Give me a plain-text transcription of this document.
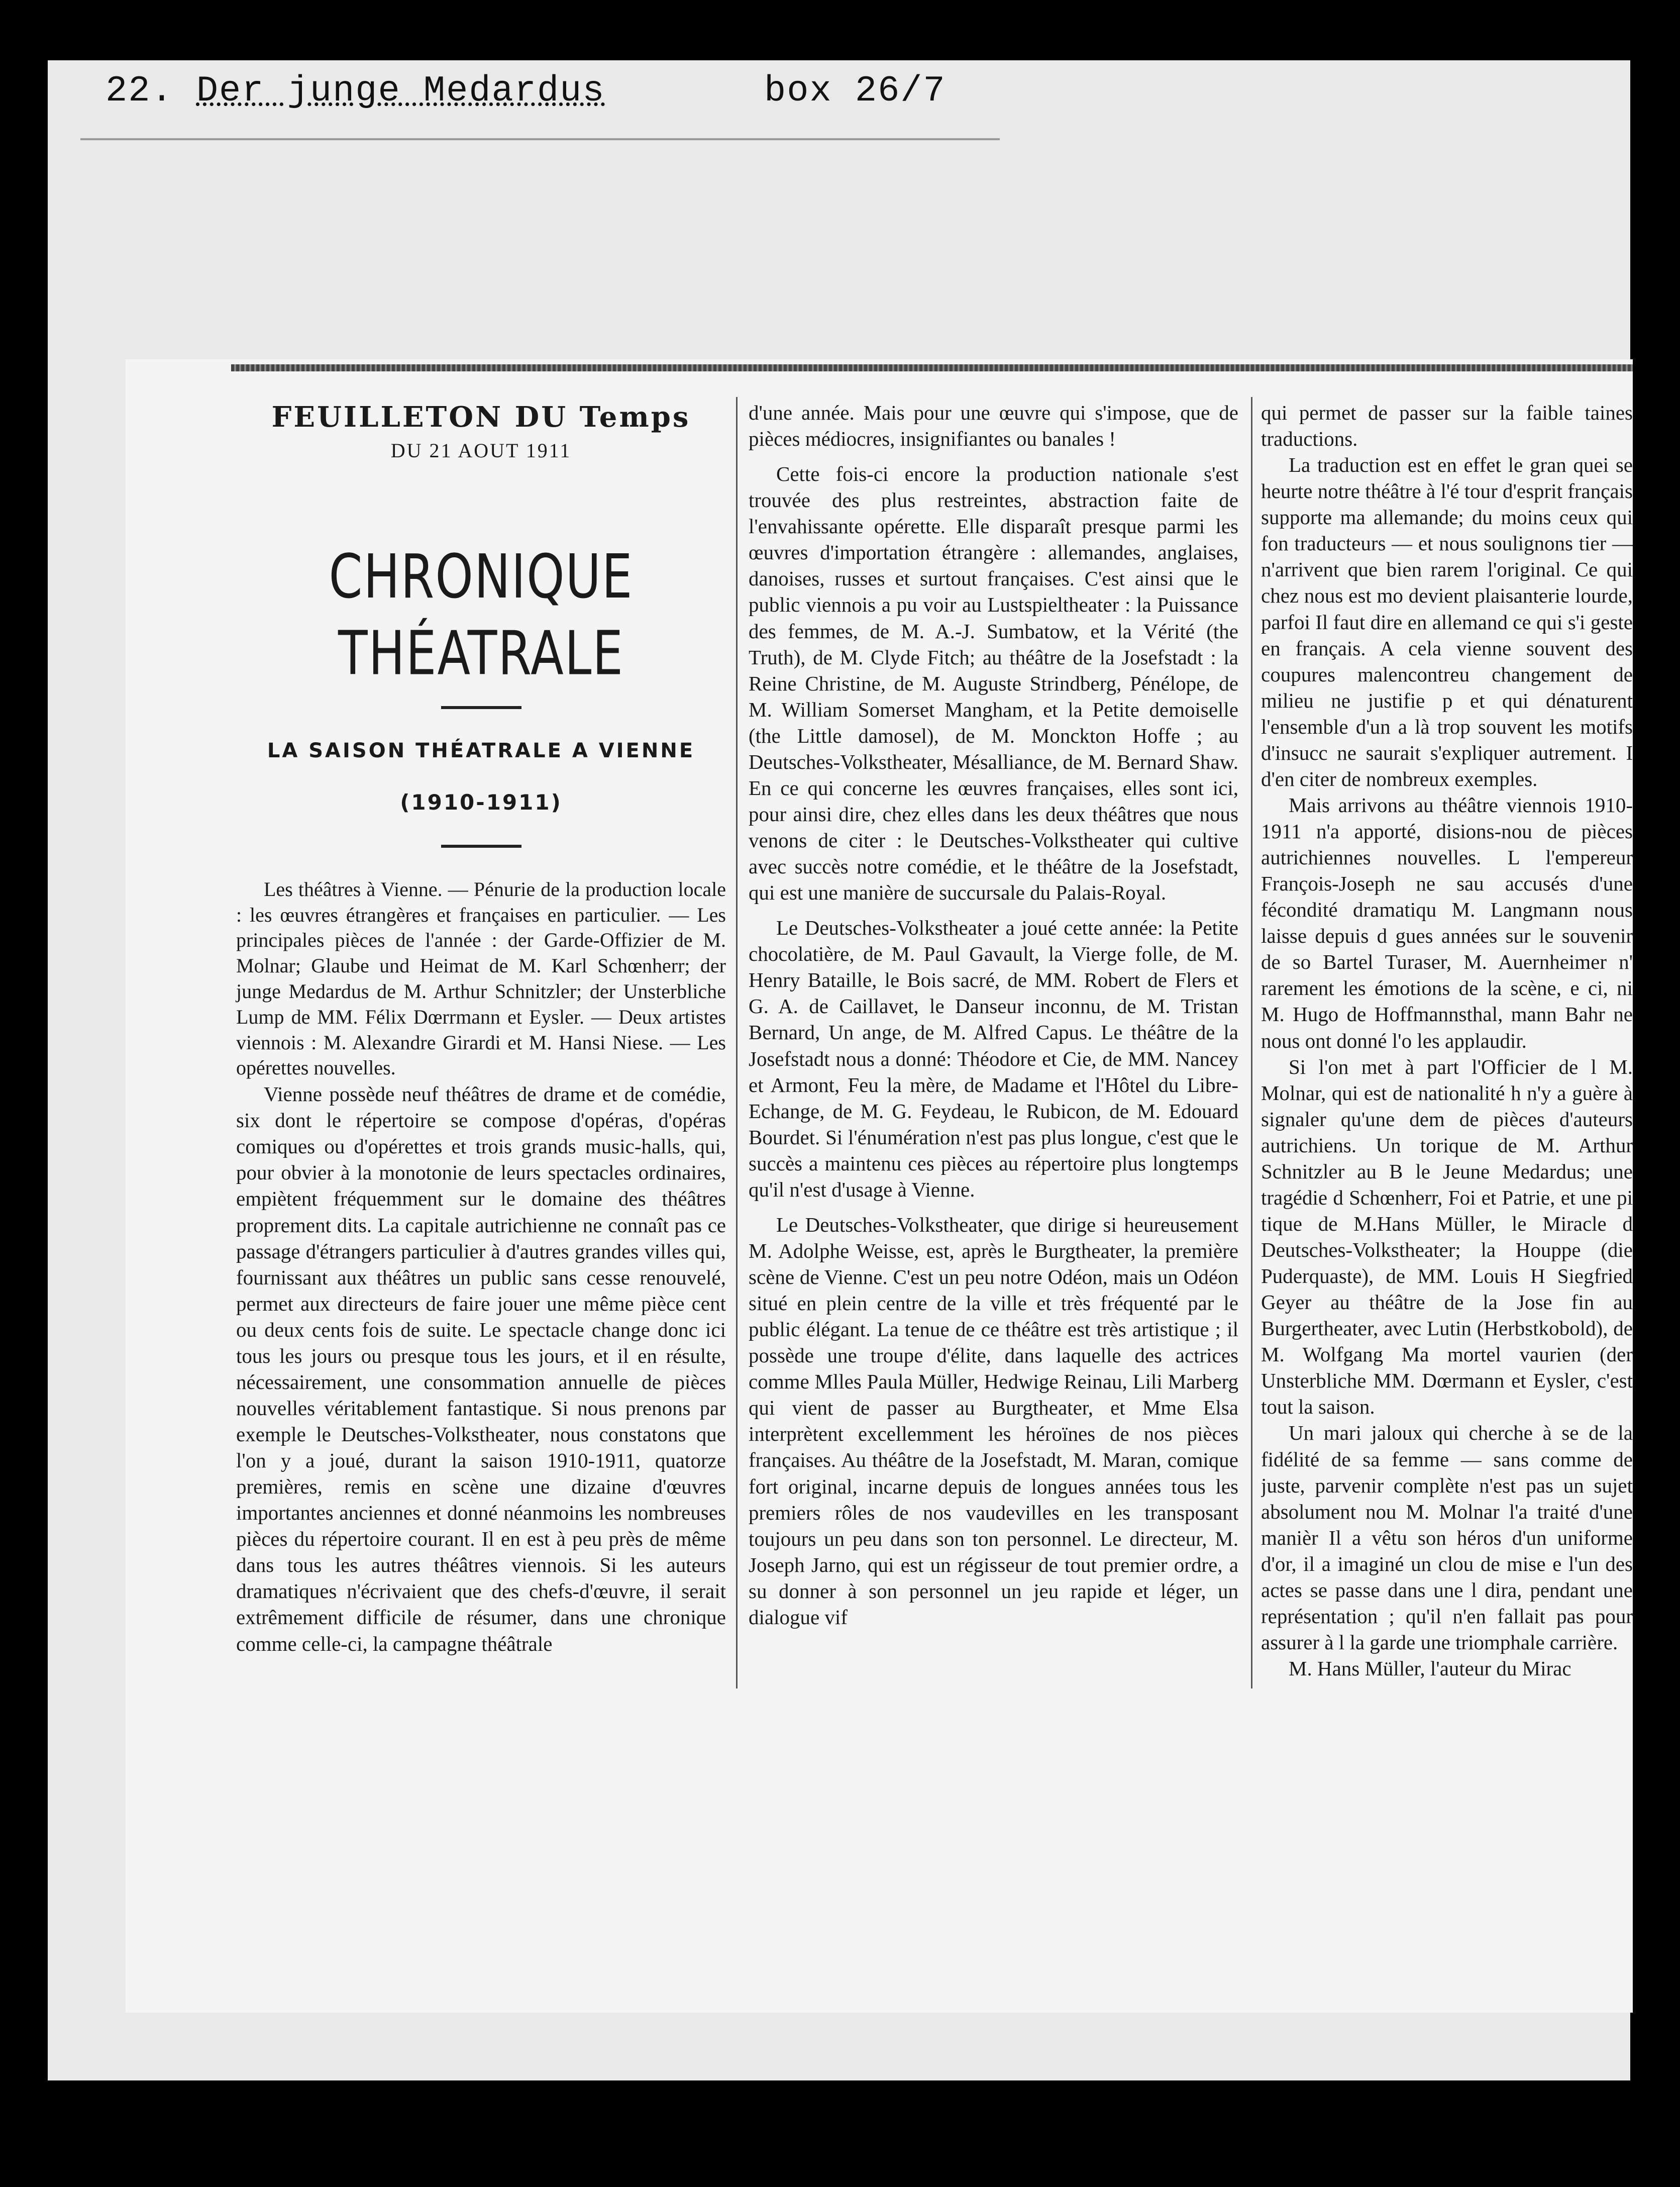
22. Der junge Medardus	box 26/7
FEUILLETON DU Temps
DU 21 AOUT 1911
CHRONIQUE THÉATRALE
LA SAISON THÉATRALE A VIENNE
(1910-1911)

Les théâtres à Vienne. — Pénurie de la production locale : les œuvres étrangères et françaises en particulier. — Les principales pièces de l'année : der Garde-Offizier de M. Molnar; Glaube und Heimat de M. Karl Schœnherr; der junge Medardus de M. Arthur Schnitzler; der Unsterbliche Lump de MM. Félix Dœrrmann et Eysler. — Deux artistes viennois : M. Alexandre Girardi et M. Hansi Niese. — Les opérettes nouvelles.

Vienne possède neuf théâtres de drame et de comédie, six dont le répertoire se compose d'opéras, d'opéras comiques ou d'opérettes et trois grands music-halls, qui, pour obvier à la monotonie de leurs spectacles ordinaires, empiètent fréquemment sur le domaine des théâtres proprement dits. La capitale autrichienne ne connaît pas ce passage d'étrangers particulier à d'autres grandes villes qui, fournissant aux théâtres un public sans cesse renouvelé, permet aux directeurs de faire jouer une même pièce cent ou deux cents fois de suite. Le spectacle change donc ici tous les jours ou presque tous les jours, et il en résulte, nécessairement, une consommation annuelle de pièces nouvelles véritablement fantastique. Si nous prenons par exemple le Deutsches-Volkstheater, nous constatons que l'on y a joué, durant la saison 1910-1911, quatorze premières, remis en scène une dizaine d'œuvres importantes anciennes et donné néanmoins les nombreuses pièces du répertoire courant. Il en est à peu près de même dans tous les autres théâtres viennois. Si les auteurs dramatiques n'écrivaient que des chefs-d'œuvre, il serait extrêmement difficile de résumer, dans une chronique comme celle-ci, la campagne théâtrale

d'une année. Mais pour une œuvre qui s'impose, que de pièces médiocres, insignifiantes ou banales !

Cette fois-ci encore la production nationale s'est trouvée des plus restreintes, abstraction faite de l'envahissante opérette. Elle disparaît presque parmi les œuvres d'importation étrangère : allemandes, anglaises, danoises, russes et surtout françaises. C'est ainsi que le public viennois a pu voir au Lustspieltheater : la Puissance des femmes, de M. A.-J. Sumbatow, et la Vérité (the Truth), de M. Clyde Fitch; au théâtre de la Josefstadt : la Reine Christine, de M. Auguste Strindberg, Pénélope, de M. William Somerset Mangham, et la Petite demoiselle (the Little damosel), de M. Monckton Hoffe ; au Deutsches-Volkstheater, Mésalliance, de M. Bernard Shaw. En ce qui concerne les œuvres françaises, elles sont ici, pour ainsi dire, chez elles dans les deux théâtres que nous venons de citer : le Deutsches-Volkstheater qui cultive avec succès notre comédie, et le théâtre de la Josefstadt, qui est une manière de succursale du Palais-Royal.

Le Deutsches-Volkstheater a joué cette année: la Petite chocolatière, de M. Paul Gavault, la Vierge folle, de M. Henry Bataille, le Bois sacré, de MM. Robert de Flers et G. A. de Caillavet, le Danseur inconnu, de M. Tristan Bernard, Un ange, de M. Alfred Capus. Le théâtre de la Josefstadt nous a donné: Théodore et Cie, de MM. Nancey et Armont, Feu la mère, de Madame et l'Hôtel du Libre-Echange, de M. G. Feydeau, le Rubicon, de M. Edouard Bourdet. Si l'énumération n'est pas plus longue, c'est que le succès a maintenu ces pièces au répertoire plus longtemps qu'il n'est d'usage à Vienne.

Le Deutsches-Volkstheater, que dirige si heureusement M. Adolphe Weisse, est, après le Burgtheater, la première scène de Vienne. C'est un peu notre Odéon, mais un Odéon situé en plein centre de la ville et très fréquenté par le public élégant. La tenue de ce théâtre est très artistique ; il possède une troupe d'élite, dans laquelle des actrices comme Mlles Paula Müller, Hedwige Reinau, Lili Marberg qui vient de passer au Burgtheater, et Mme Elsa interprètent excellemment les héroïnes de nos pièces françaises. Au théâtre de la Josefstadt, M. Maran, comique fort original, incarne depuis de longues années tous les premiers rôles de nos vaudevilles en les transposant toujours un peu dans son ton personnel. Le directeur, M. Joseph Jarno, qui est un régisseur de tout premier ordre, a su donner à son personnel un jeu rapide et léger, un dialogue vif

qui permet de passer sur la faible taines traductions.

La traduction est en effet le gran quei se heurte notre théâtre à l'é tour d'esprit français supporte ma allemande; du moins ceux qui fon traducteurs — et nous soulignons tier — n'arrivent que bien rarem l'original. Ce qui chez nous est mo devient plaisanterie lourde, parfoi Il faut dire en allemand ce qui s'i geste en français. A cela vienne souvent des coupures malencontreu changement de milieu ne justifie p et qui dénaturent l'ensemble d'un a là trop souvent les motifs d'insucc ne saurait s'expliquer autrement. I d'en citer de nombreux exemples.

Mais arrivons au théâtre viennois 1910-1911 n'a apporté, disions-nou de pièces autrichiennes nouvelles. L l'empereur François-Joseph ne sau accusés d'une fécondité dramatiqu M. Langmann nous laisse depuis d gues années sur le souvenir de so Bartel Turaser, M. Auernheimer n' rarement les émotions de la scène, e ci, ni M. Hugo de Hoffmannsthal, mann Bahr ne nous ont donné l'o les applaudir.

Si l'on met à part l'Officier de l M. Molnar, qui est de nationalité h n'y a guère à signaler qu'une dem de pièces d'auteurs autrichiens. Un torique de M. Arthur Schnitzler au B le Jeune Medardus; une tragédie d Schœnherr, Foi et Patrie, et une pi tique de M.Hans Müller, le Miracle d Deutsches-Volkstheater; la Houppe (die Puderquaste), de MM. Louis H Siegfried Geyer au théâtre de la Jose fin au Burgertheater, avec Lutin (Herbstkobold), de M. Wolfgang Ma mortel vaurien (der Unsterbliche MM. Dœrmann et Eysler, c'est tout la saison.

Un mari jaloux qui cherche à se de la fidélité de sa femme — sans comme de juste, parvenir complète n'est pas un sujet absolument nou M. Molnar l'a traité d'une manièr Il a vêtu son héros d'un uniforme d'or, il a imaginé un clou de mise e l'un des actes se passe dans une l dira, pendant une représentation ; qu'il n'en fallait pas pour assurer à l la garde une triomphale carrière.

M. Hans Müller, l'auteur du Mirac
